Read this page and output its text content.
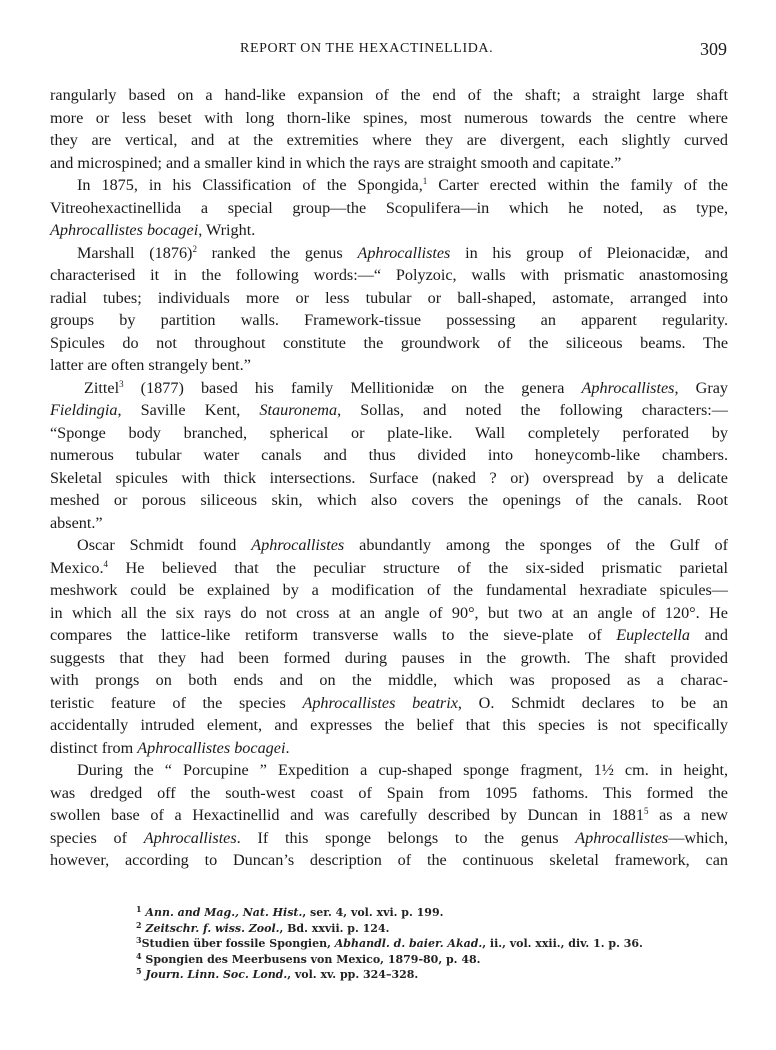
REPORT ON THE HEXACTINELLIDA.	309
rangularly based on a hand-like expansion of the end of the shaft; a straight large shaft
more or less beset with long thorn-like spines, most numerous towards the centre where
they are vertical, and at the extremities where they are divergent, each slightly curved
and microspined; and a smaller kind in which the rays are straight smooth and capitate.”
In 1875, in his Classification of the Spongida,$^1$ Carter erected within the family of the
Vitreohexactinellida a special group—the Scopulifera—in which he noted, as type,
Aphrocallistes bocagei, Wright.
Marshall $(1876)^2$ ranked the genus Aphrocallistes in his group of Pleionacidæ, and
characterised it in the following words:—“ Polyzoic, walls with prismatic anastomosing
radial tubes; individuals more or less tubular or ball-shaped, astomate, arranged into
groups by partition walls. Framework-tissue possessing an apparent regularity.
Spicules do not throughout constitute the groundwork of the siliceous beams. The
latter are often strangely bent.”
Zittel$^3$ (1877) based his family Mellitionidæ on the genera Aphrocallistes, Gray
Fieldingia, Saville Kent, Stauronema, Sollas, and noted the following characters:—
“Sponge body branched, spherical or plate-like. Wall completely perforated by
numerous tubular water canals and thus divided into honeycomb-like chambers.
Skeletal spicules with thick intersections. Surface (naked ? or) overspread by a delicate
meshed or porous siliceous skin, which also covers the openings of the canals. Root
absent.”
Oscar Schmidt found Aphrocallistes abundantly among the sponges of the Gulf of
Mexico.$^4$ He believed that the peculiar structure of the six-sided prismatic parietal
meshwork could be explained by a modification of the fundamental hexradiate spicules—
in which all the six rays do not cross at an angle of 90°, but two at an angle of 120°. He
compares the lattice-like retiform transverse walls to the sieve-plate of Euplectella and
suggests that they had been formed during pauses in the growth. The shaft provided
with prongs on both ends and on the middle, which was proposed as a charac-
teristic feature of the species Aphrocallistes beatrix, O. Schmidt declares to be an
accidentally intruded element, and expresses the belief that this species is not specifically
distinct from Aphrocallistes bocagei.
During the “ Porcupine ” Expedition a cup-shaped sponge fragment, 1½ cm. in height,
was dredged off the south-west coast of Spain from 1095 fathoms. This formed the
swollen base of a Hexactinellid and was carefully described by Duncan in 1881$^5$ as a new
species of Aphrocallistes. If this sponge belongs to the genus Aphrocallistes—which,
however, according to Duncan’s description of the continuous skeletal framework, can
$^1$ Ann. and Mag., Nat. Hist., ser. 4, vol. xvi. p. 199.
$^2$ Zeitschr. f. wiss. Zool., Bd. xxvii. p. 124.
$^3$Studien über fossile Spongien, Abhandl. d. baier. Akad., ii., vol. xxii., div. 1. p. 36.
$^4$ Spongien des Meerbusens von Mexico, 1879-80, p. 48.
$^5$ Journ. Linn. Soc. Lond., vol. xv. pp. 324–328.
